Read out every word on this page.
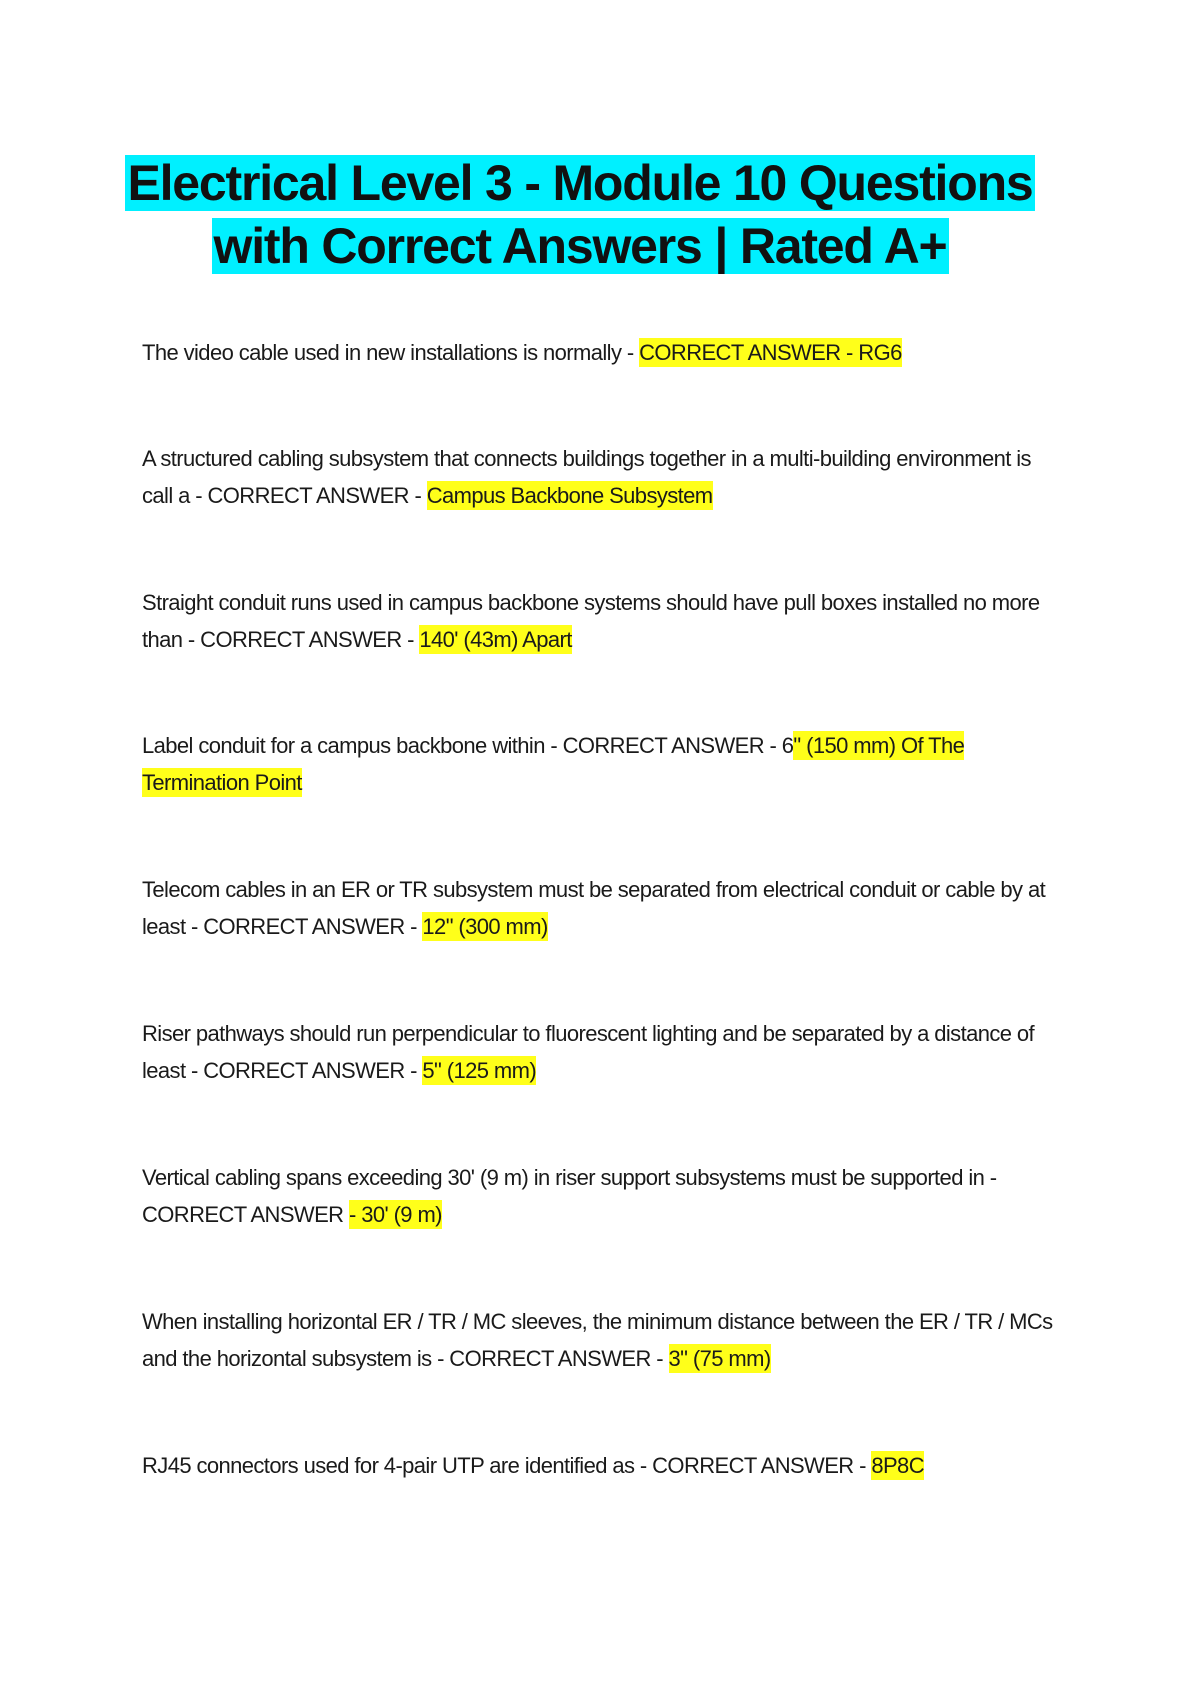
Electrical Level 3 - Module 10 Questions with Correct Answers | Rated A+

The video cable used in new installations is normally - CORRECT ANSWER - RG6

A structured cabling subsystem that connects buildings together in a multi-building environment is call a - CORRECT ANSWER - Campus Backbone Subsystem

Straight conduit runs used in campus backbone systems should have pull boxes installed no more than - CORRECT ANSWER - 140' (43m) Apart

Label conduit for a campus backbone within - CORRECT ANSWER - 6" (150 mm) Of The Termination Point

Telecom cables in an ER or TR subsystem must be separated from electrical conduit or cable by at least - CORRECT ANSWER - 12" (300 mm)

Riser pathways should run perpendicular to fluorescent lighting and be separated by a distance of least - CORRECT ANSWER - 5" (125 mm)

Vertical cabling spans exceeding 30' (9 m) in riser support subsystems must be supported in - CORRECT ANSWER - 30' (9 m)

When installing horizontal ER / TR / MC sleeves, the minimum distance between the ER / TR / MCs and the horizontal subsystem is - CORRECT ANSWER - 3" (75 mm)

RJ45 connectors used for 4-pair UTP are identified as - CORRECT ANSWER - 8P8C
